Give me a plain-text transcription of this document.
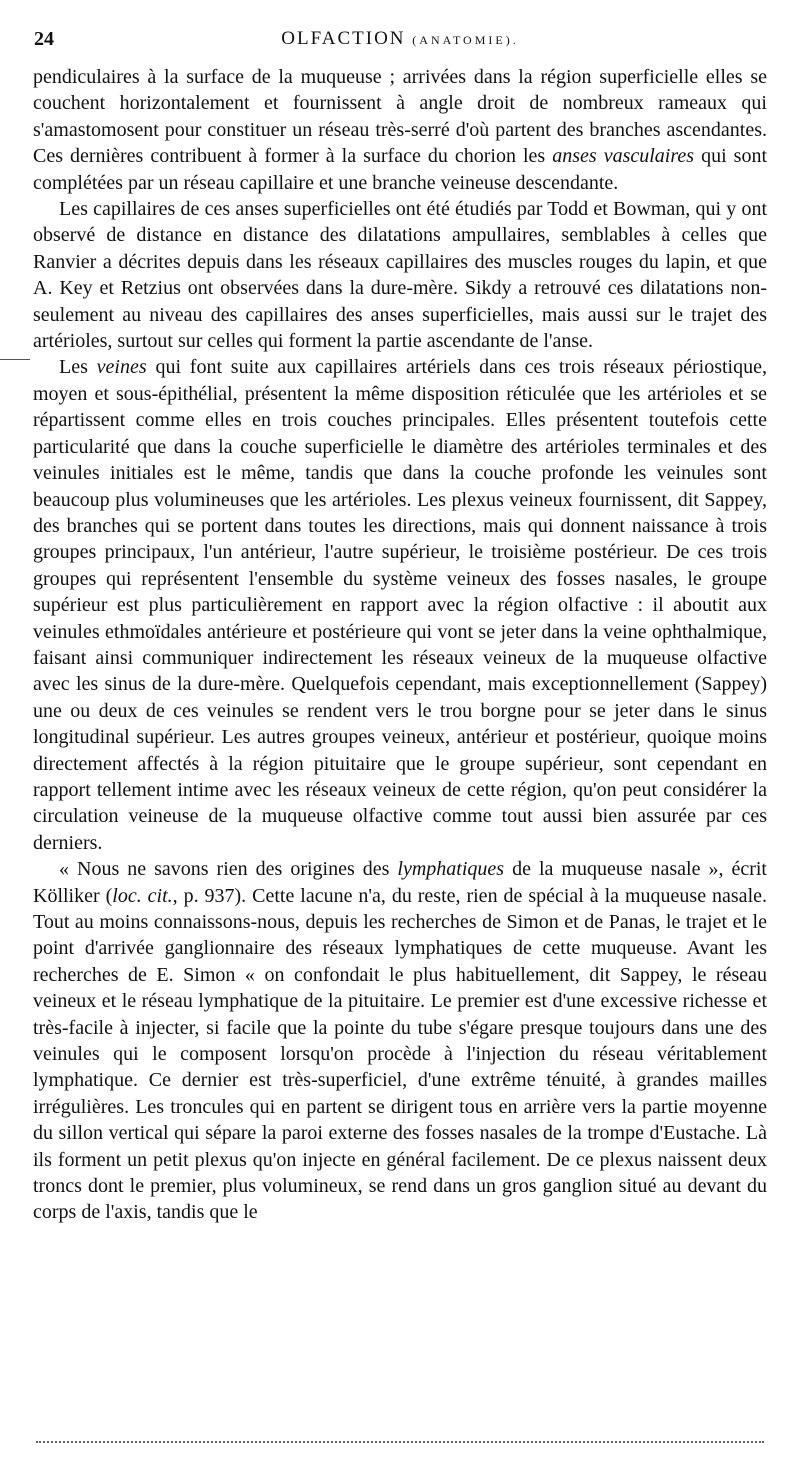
24	OLFACTION (ANATOMIE).

pendiculaires à la surface de la muqueuse ; arrivées dans la région superficielle elles se couchent horizontalement et fournissent à angle droit de nombreux rameaux qui s'amastomosent pour constituer un réseau très-serré d'où partent des branches ascendantes. Ces dernières contribuent à former à la surface du chorion les anses vasculaires qui sont complétées par un réseau capillaire et une branche veineuse descendante.

Les capillaires de ces anses superficielles ont été étudiés par Todd et Bowman, qui y ont observé de distance en distance des dilatations ampullaires, semblables à celles que Ranvier a décrites depuis dans les réseaux capillaires des muscles rouges du lapin, et que A. Key et Retzius ont observées dans la dure-mère. Sikdy a retrouvé ces dilatations non-seulement au niveau des capillaires des anses superficielles, mais aussi sur le trajet des artérioles, surtout sur celles qui forment la partie ascendante de l'anse.

Les veines qui font suite aux capillaires artériels dans ces trois réseaux périostique, moyen et sous-épithélial, présentent la même disposition réticulée que les artérioles et se répartissent comme elles en trois couches principales. Elles présentent toutefois cette particularité que dans la couche superficielle le diamètre des artérioles terminales et des veinules initiales est le même, tandis que dans la couche profonde les veinules sont beaucoup plus volumineuses que les artérioles. Les plexus veineux fournissent, dit Sappey, des branches qui se portent dans toutes les directions, mais qui donnent naissance à trois groupes principaux, l'un antérieur, l'autre supérieur, le troisième postérieur. De ces trois groupes qui représentent l'ensemble du système veineux des fosses nasales, le groupe supérieur est plus particulièrement en rapport avec la région olfactive : il aboutit aux veinules ethmoïdales antérieure et postérieure qui vont se jeter dans la veine ophthalmique, faisant ainsi communiquer indirectement les réseaux veineux de la muqueuse olfactive avec les sinus de la dure-mère. Quelquefois cependant, mais exceptionnellement (Sappey) une ou deux de ces veinules se rendent vers le trou borgne pour se jeter dans le sinus longitudinal supérieur. Les autres groupes veineux, antérieur et postérieur, quoique moins directement affectés à la région pituitaire que le groupe supérieur, sont cependant en rapport tellement intime avec les réseaux veineux de cette région, qu'on peut considérer la circulation veineuse de la muqueuse olfactive comme tout aussi bien assurée par ces derniers.

« Nous ne savons rien des origines des lymphatiques de la muqueuse nasale », écrit Kölliker (loc. cit., p. 937). Cette lacune n'a, du reste, rien de spécial à la muqueuse nasale. Tout au moins connaissons-nous, depuis les recherches de Simon et de Panas, le trajet et le point d'arrivée ganglionnaire des réseaux lymphatiques de cette muqueuse. Avant les recherches de E. Simon « on confondait le plus habituellement, dit Sappey, le réseau veineux et le réseau lymphatique de la pituitaire. Le premier est d'une excessive richesse et très-facile à injecter, si facile que la pointe du tube s'égare presque toujours dans une des veinules qui le composent lorsqu'on procède à l'injection du réseau véritablement lymphatique. Ce dernier est très-superficiel, d'une extrême ténuité, à grandes mailles irrégulières. Les troncules qui en partent se dirigent tous en arrière vers la partie moyenne du sillon vertical qui sépare la paroi externe des fosses nasales de la trompe d'Eustache. Là ils forment un petit plexus qu'on injecte en général facilement. De ce plexus naissent deux troncs dont le premier, plus volumineux, se rend dans un gros ganglion situé au devant du corps de l'axis, tandis que le
